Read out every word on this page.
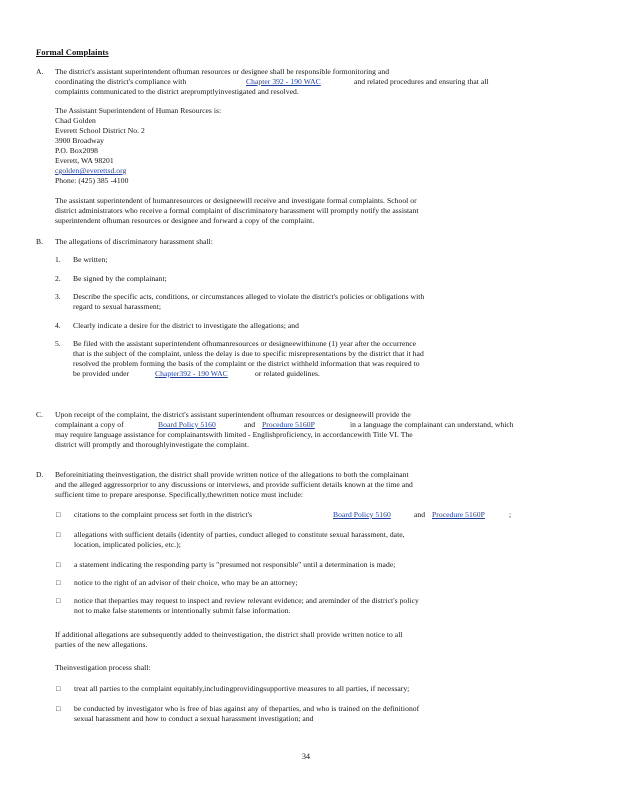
Formal Complaints
A. The district's assistant superintendent ofhuman resources or designee shall be responsible formonitoring and
coordinating the district's compliance with	Chapter 392 - 190 WAC	and related procedures and ensuring that all
complaints communicated to the district arepromptlyinvestigated and resolved.
The Assistant Superintendent of Human Resources is:
Chad Golden
Everett School District No. 2
3900 Broadway
P.O. Box2098
Everett, WA 98201
cgolden@everettsd.org
Phone: (425) 385 -4100
The assistant superintendent of humanresources or designeewill receive and investigate formal complaints. School or
district administrators who receive a formal complaint of discriminatory harassment will promptly notify the assistant
superintendent ofhuman resources or designee and forward a copy of the complaint.
B. The allegations of discriminatory harassment shall:
1. Be written;
2. Be signed by the complainant;
3. Describe the specific acts, conditions, or circumstances alleged to violate the district's policies or obligations with
regard to sexual harassment;
4. Clearly indicate a desire for the district to investigate the allegations; and
5. Be filed with the assistant superintendent ofhumanresources or designeewithinone (1) year after the occurrence
that is the subject of the complaint, unless the delay is due to specific misrepresentations by the district that it had
resolved the problem forming the basis of the complaint or the district withheld information that was required to
be provided under	Chapter392 - 190 WAC	or related guidelines.
C. Upon receipt of the complaint, the district's assistant superintendent ofhuman resources or designeewill provide the
complainant a copy of	Board Policy 5160	and Procedure 5160P	in a language the complainant can understand, which
may require language assistance for complainantswith limited - Englishproficiency, in accordancewith Title VI. The
district will promptly and thoroughlyinvestigate the complaint.
D. Beforeinitiating theinvestigation, the district shall provide written notice of the allegations to both the complainant
and the alleged aggressorprior to any discussions or interviews, and provide sufficient details known at the time and
sufficient time to prepare aresponse. Specifically,thewritten notice must include:
□ citations to the complaint process set forth in the district's	Board Policy 5160	and Procedure 5160P	;
□ allegations with sufficient details (identity of parties, conduct alleged to constitute sexual harassment, date,
location, implicated policies, etc.);
□ a statement indicating the responding party is "presumed not responsible" until a determination is made;
□ notice to the right of an advisor of their choice, who may be an attorney;
□ notice that theparties may request to inspect and review relevant evidence; and areminder of the district's policy
not to make false statements or intentionally submit false information.
If additional allegations are subsequently added to theinvestigation, the district shall provide written notice to all
parties of the new allegations.
Theinvestigation process shall:
□ treat all parties to the complaint equitably,includingprovidingsupportive measures to all parties, if necessary;
□ be conducted by investigator who is free of bias against any of theparties, and who is trained on the definitionof
sexual harassment and how to conduct a sexual harassment investigation; and
34
